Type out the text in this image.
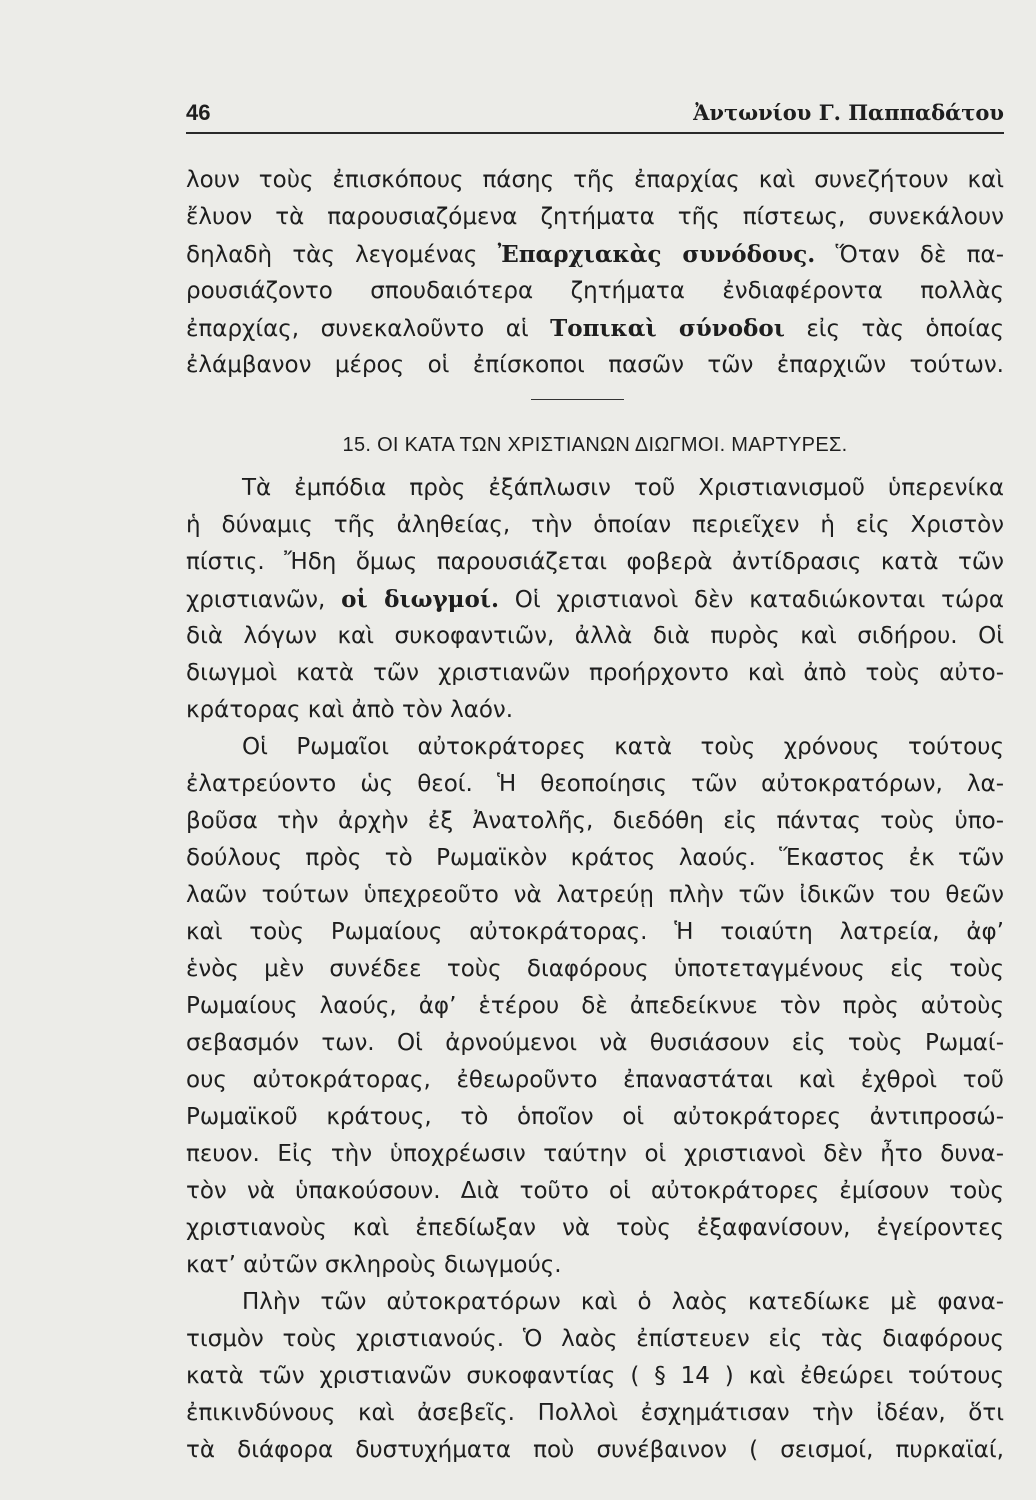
46	Ἀντωνίου Γ. Παππαδάτου
λουν τοὺς ἐπισκόπους πάσης τῆς ἐπαρχίας καὶ συνεζήτουν καὶ
ἔλυον τὰ παρουσιαζόμενα ζητήματα τῆς πίστεως, συνεκάλουν
δηλαδὴ τὰς λεγομένας Ἐπαρχιακὰς συνόδους. Ὅταν δὲ πα-
ρουσιάζοντο σπουδαιότερα ζητήματα ἐνδιαφέροντα πολλὰς
ἐπαρχίας, συνεκαλοῦντο αἱ Τοπικαὶ σύνοδοι εἰς τὰς ὁποίας
ἐλάμβανον μέρος οἱ ἐπίσκοποι πασῶν τῶν ἐπαρχιῶν τούτων.
15. ΟΙ ΚΑΤΑ ΤΩΝ ΧΡΙΣΤΙΑΝΩΝ ΔΙΩΓΜΟΙ. ΜΑΡΤΥΡΕΣ.
Τὰ ἐμπόδια πρὸς ἐξάπλωσιν τοῦ Χριστιανισμοῦ ὑπερενίκα
ἡ δύναμις τῆς ἀληθείας, τὴν ὁποίαν περιεῖχεν ἡ εἰς Χριστὸν
πίστις. Ἤδη ὅμως παρουσιάζεται φοβερὰ ἀντίδρασις κατὰ τῶν
χριστιανῶν, οἱ διωγμοί. Οἱ χριστιανοὶ δὲν καταδιώκονται τώρα
διὰ λόγων καὶ συκοφαντιῶν, ἀλλὰ διὰ πυρὸς καὶ σιδήρου. Οἱ
διωγμοὶ κατὰ τῶν χριστιανῶν προήρχοντο καὶ ἀπὸ τοὺς αὐτο-
κράτορας καὶ ἀπὸ τὸν λαόν.
Οἱ Ρωμαῖοι αὐτοκράτορες κατὰ τοὺς χρόνους τούτους
ἐλατρεύοντο ὡς θεοί. Ἡ θεοποίησις τῶν αὐτοκρατόρων, λα-
βοῦσα τὴν ἀρχὴν ἐξ Ἀνατολῆς, διεδόθη εἰς πάντας τοὺς ὑπο-
δούλους πρὸς τὸ Ρωμαϊκὸν κράτος λαούς. Ἕκαστος ἐκ τῶν
λαῶν τούτων ὑπεχρεοῦτο νὰ λατρεύῃ πλὴν τῶν ἰδικῶν του θεῶν
καὶ τοὺς Ρωμαίους αὐτοκράτορας. Ἡ τοιαύτη λατρεία, ἀφ’
ἑνὸς μὲν συνέδεε τοὺς διαφόρους ὑποτεταγμένους εἰς τοὺς
Ρωμαίους λαούς, ἀφ’ ἑτέρου δὲ ἀπεδείκνυε τὸν πρὸς αὐτοὺς
σεβασμόν των. Οἱ ἀρνούμενοι νὰ θυσιάσουν εἰς τοὺς Ρωμαί-
ους αὐτοκράτορας, ἐθεωροῦντο ἐπαναστάται καὶ ἐχθροὶ τοῦ
Ρωμαϊκοῦ κράτους, τὸ ὁποῖον οἱ αὐτοκράτορες ἀντιπροσώ-
πευον. Εἰς τὴν ὑποχρέωσιν ταύτην οἱ χριστιανοὶ δὲν ἦτο δυνα-
τὸν νὰ ὑπακούσουν. Διὰ τοῦτο οἱ αὐτοκράτορες ἐμίσουν τοὺς
χριστιανοὺς καὶ ἐπεδίωξαν νὰ τοὺς ἐξαφανίσουν, ἐγείροντες
κατ’ αὐτῶν σκληροὺς διωγμούς.
Πλὴν τῶν αὐτοκρατόρων καὶ ὁ λαὸς κατεδίωκε μὲ φανα-
τισμὸν τοὺς χριστιανούς. Ὁ λαὸς ἐπίστευεν εἰς τὰς διαφόρους
κατὰ τῶν χριστιανῶν συκοφαντίας ( § 14 ) καὶ ἐθεώρει τούτους
ἐπικινδύνους καὶ ἀσεβεῖς. Πολλοὶ ἐσχημάτισαν τὴν ἰδέαν, ὅτι
τὰ διάφορα δυστυχήματα ποὺ συνέβαινον ( σεισμοί, πυρκαϊαί,
